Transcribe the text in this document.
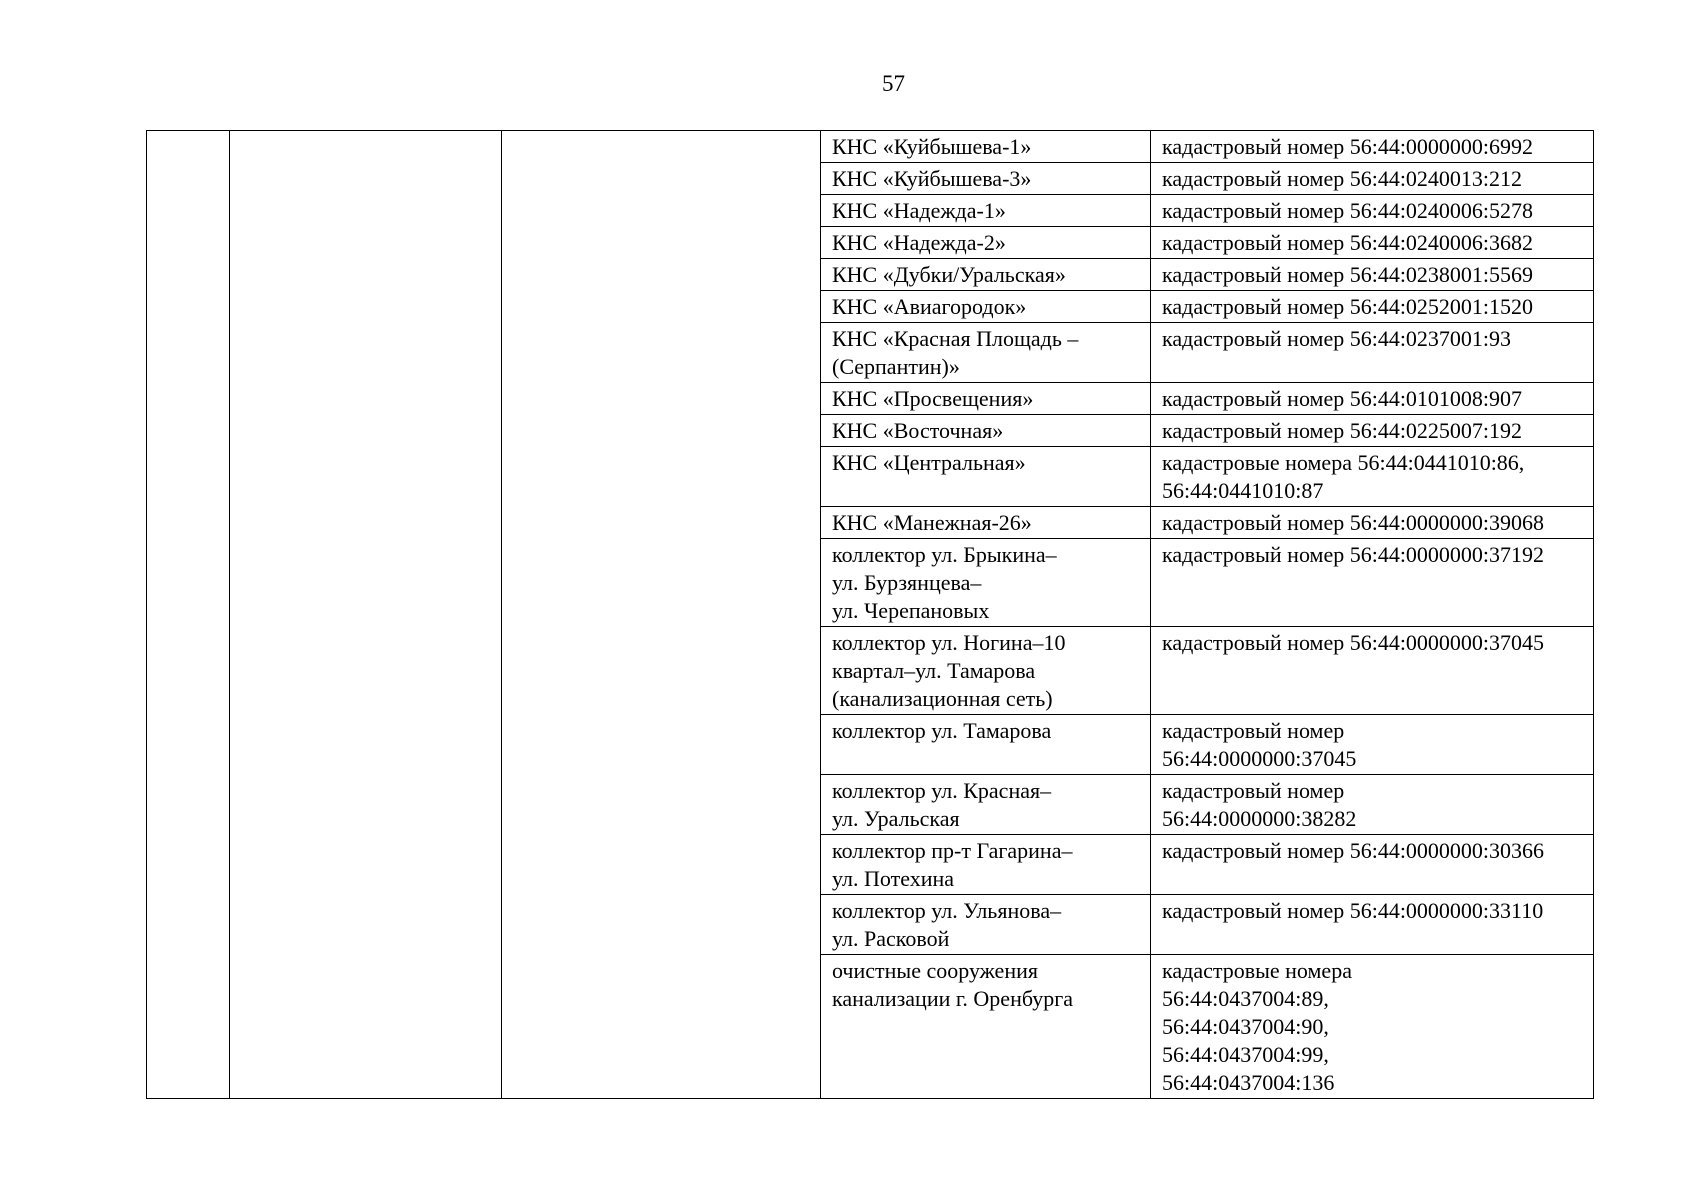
57
			КНС «Куйбышева-1»	кадастровый номер 56:44:0000000:6992
			КНС «Куйбышева-3»	кадастровый номер 56:44:0240013:212
			КНС «Надежда-1»	кадастровый номер 56:44:0240006:5278
			КНС «Надежда-2»	кадастровый номер 56:44:0240006:3682
			КНС «Дубки/Уральская»	кадастровый номер 56:44:0238001:5569
			КНС «Авиагородок»	кадастровый номер 56:44:0252001:1520
			КНС «Красная Площадь –
(Серпантин)»	кадастровый номер 56:44:0237001:93
			КНС «Просвещения»	кадастровый номер 56:44:0101008:907
			КНС «Восточная»	кадастровый номер 56:44:0225007:192
			КНС «Центральная»	кадастровые номера 56:44:0441010:86,
56:44:0441010:87
			КНС «Манежная-26»	кадастровый номер 56:44:0000000:39068
			коллектор ул. Брыкина–
ул. Бурзянцева–
ул. Черепановых	кадастровый номер 56:44:0000000:37192
			коллектор ул. Ногина–10
квартал–ул. Тамарова
(канализационная сеть)	кадастровый номер 56:44:0000000:37045
			коллектор ул. Тамарова	кадастровый номер
56:44:0000000:37045
			коллектор ул. Красная–
ул. Уральская	кадастровый номер
56:44:0000000:38282
			коллектор пр-т Гагарина–
ул. Потехина	кадастровый номер 56:44:0000000:30366
			коллектор ул. Ульянова–
ул. Расковой	кадастровый номер 56:44:0000000:33110
			очистные сооружения
канализации г. Оренбурга	кадастровые номера
56:44:0437004:89,
56:44:0437004:90,
56:44:0437004:99,
56:44:0437004:136
